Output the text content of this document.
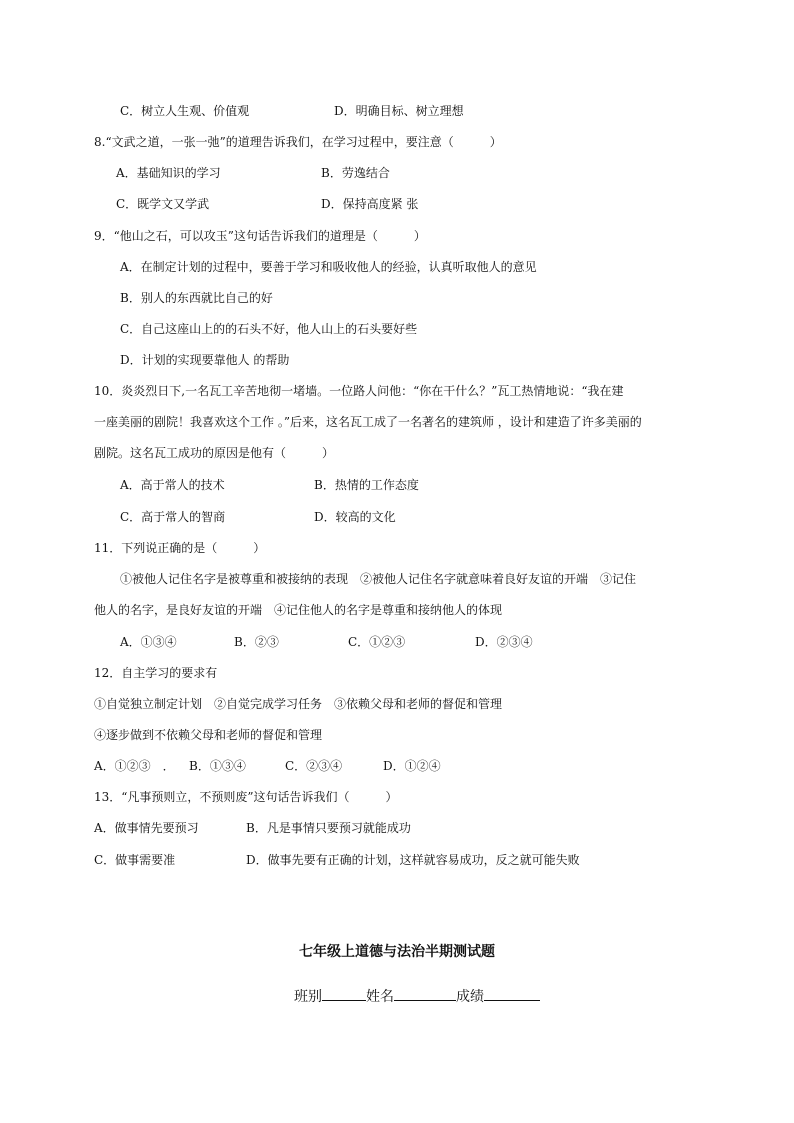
C．树立人生观、价值观	D．明确目标、树立理想
8.“文武之道，一张一弛”的道理告诉我们，在学习过程中，要注意（　　　）
A．基础知识的学习	B．劳逸结合
C．既学文又学武	D．保持高度紧 张
9．“他山之石，可以攻玉”这句话告诉我们的道理是（　　　）
A．在制定计划的过程中，要善于学习和吸收他人的经验，认真听取他人的意见
B．别人的东西就比自己的好
C．自己这座山上的的石头不好，他人山上的石头要好些
D．计划的实现要靠他人 的帮助
10．炎炎烈日下,一名瓦工辛苦地彻一堵墙。一位路人问他：“你在干什么？”瓦工热情地说：“我在建
一座美丽的剧院！我喜欢这个工作 。”后来，这名瓦工成了一名著名的建筑师 ，设计和建造了许多美丽的
剧院。这名瓦工成功的原因是他有（　　　）
A．高于常人的技术	B．热情的工作态度
C．高于常人的智商	D．较高的文化
11．下列说正确的是（　　　）
①被他人记住名字是被尊重和被接纳的表现　②被他人记住名字就意味着良好友谊的开端　③记住
他人的名字，是良好友谊的开端　④记住他人的名字是尊重和接纳他人的体现
A．①③④	B．②③	C．①②③	D．②③④
12．自主学习的要求有
①自觉独立制定计划　②自觉完成学习任务　③依赖父母和老师的督促和管理
④逐步做到不依赖父母和老师的督促和管理
A．①②③　． B．①③④	C．②③④	D．①②④
13．“凡事预则立，不预则废”这句话告诉我们（　　　）
A．做事情先要预习	B．凡是事情只要预习就能成功
C．做事需要准	D．做事先要有正确的计划，这样就容易成功，反之就可能失败
七年级上道德与法治半期测试题
班别	姓名	成绩
